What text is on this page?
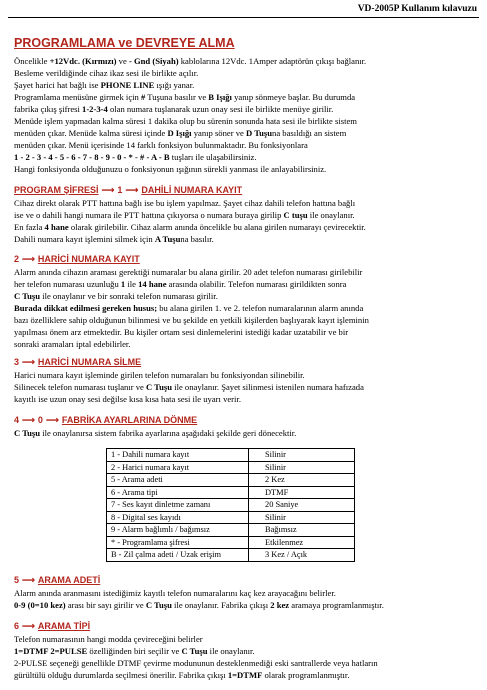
VD-2005P Kullanım kılavuzu
PROGRAMLAMA ve DEVREYE ALMA
Öncelikle +12Vdc. (Kırmızı) ve - Gnd (Siyah) kablolarına 12Vdc. 1Amper adaptörün çıkışı bağlanır.
Besleme verildiğinde cihaz ikaz sesi ile birlikte açılır.
Şayet harici hat bağlı ise PHONE LINE ışığı yanar.
Programlama menüsüne girmek için # Tuşuna basılır ve B Işığı yanıp sönmeye başlar. Bu durumda
fabrika çıkış şifresi 1-2-3-4 olan numara tuşlanarak uzun onay sesi ile birlikte menüye girilir.
Menüde işlem yapmadan kalma süresi 1 dakika olup bu sürenin sonunda hata sesi ile birlikte sistem
menüden çıkar. Menüde kalma süresi içinde D Işığı yanıp söner ve D Tuşuna basıldığı an sistem
menüden çıkar. Menü içerisinde 14 farklı fonksiyon bulunmaktadır. Bu fonksiyonlara
1 - 2 - 3 - 4 - 5 - 6 - 7 - 8 - 9 - 0 - * - # - A - B tuşları ile ulaşabilirsiniz.
Hangi fonksiyonda olduğunuzu o fonksiyonun ışığının sürekli yanması ile anlayabilirsiniz.
PROGRAM ŞİFRESİ ⟶ 1 ⟶ DAHİLİ NUMARA KAYIT
Cihaz direkt olarak PTT hattına bağlı ise bu işlem yapılmaz. Şayet cihaz dahili telefon hattına bağlı
ise ve o dahili hangi numara ile PTT hattına çıkıyorsa o numara buraya girilip C tuşu ile onaylanır.
En fazla 4 hane olarak girilebilir. Cihaz alarm anında öncelikle bu alana girilen numarayı çevirecektir.
Dahili numara kayıt işlemini silmek için A Tuşuna basılır.
2 ⟶ HARİCİ NUMARA KAYIT
Alarm anında cihazın araması gerektiği numaralar bu alana girilir. 20 adet telefon numarası girilebilir
her telefon numarası uzunluğu 1 ile 14 hane arasında olabilir. Telefon numarası girildikten sonra
C Tuşu ile onaylanır ve bir sonraki telefon numarası girilir.
Burada dikkat edilmesi gereken husus; bu alana girilen 1. ve 2. telefon numaralarının alarm anında
bazı özelliklere sahip olduğunun bilinmesi ve bu şekilde en yetkili kişilerden başlıyarak kayıt işleminin
yapılması önem arz etmektedir. Bu kişiler ortam sesi dinlemelerini istediği kadar uzatabilir ve bir
sonraki aramaları iptal edebilirler.
3 ⟶ HARİCİ NUMARA SİLME
Harici numara kayıt işleminde girilen telefon numaraları bu fonksiyondan silinebilir.
Silinecek telefon numarası tuşlanır ve C Tuşu ile onaylanır. Şayet silinmesi istenilen numara hafızada
kayıtlı ise uzun onay sesi değilse kısa kısa hata sesi ile uyarı verir.
4 ⟶ 0 ⟶ FABRİKA AYARLARINA DÖNME
C Tuşu ile onaylanırsa sistem fabrika ayarlarına aşağıdaki şekilde geri dönecektir.
1 - Dahili numara kayıt	Silinir
2 - Harici numara kayıt	Silinir
5 - Arama adeti	2 Kez
6 - Arama tipi	DTMF
7 - Ses kayıt dinletme zamanı	20 Saniye
8 - Digital ses kayıdı	Silinir
9 - Alarm bağlımlı / bağımsız	Bağımsız
* - Programlama şifresi	Etkilenmez
B - Zil çalma adeti / Uzak erişim	3 Kez / Açık
5 ⟶ ARAMA ADETİ
Alarm anında aranmasını istediğimiz kayıtlı telefon numaralarını kaç kez arayacağını belirler.
0-9 (0=10 kez) arası bir sayı girilir ve C Tuşu ile onaylanır. Fabrika çıkışı 2 kez aramaya programlanmıştır.
6 ⟶ ARAMA TİPİ
Telefon numarasının hangi modda çevireceğini belirler
1=DTMF 2=PULSE özelliğinden biri seçilir ve C Tuşu ile onaylanır.
2-PULSE seçeneği genellikle DTMF çevirme modununun desteklenmediği eski santrallerde veya hatların
gürültülü olduğu durumlarda seçilmesi önerilir. Fabrika çıkışı 1=DTMF olarak programlanmıştır.
